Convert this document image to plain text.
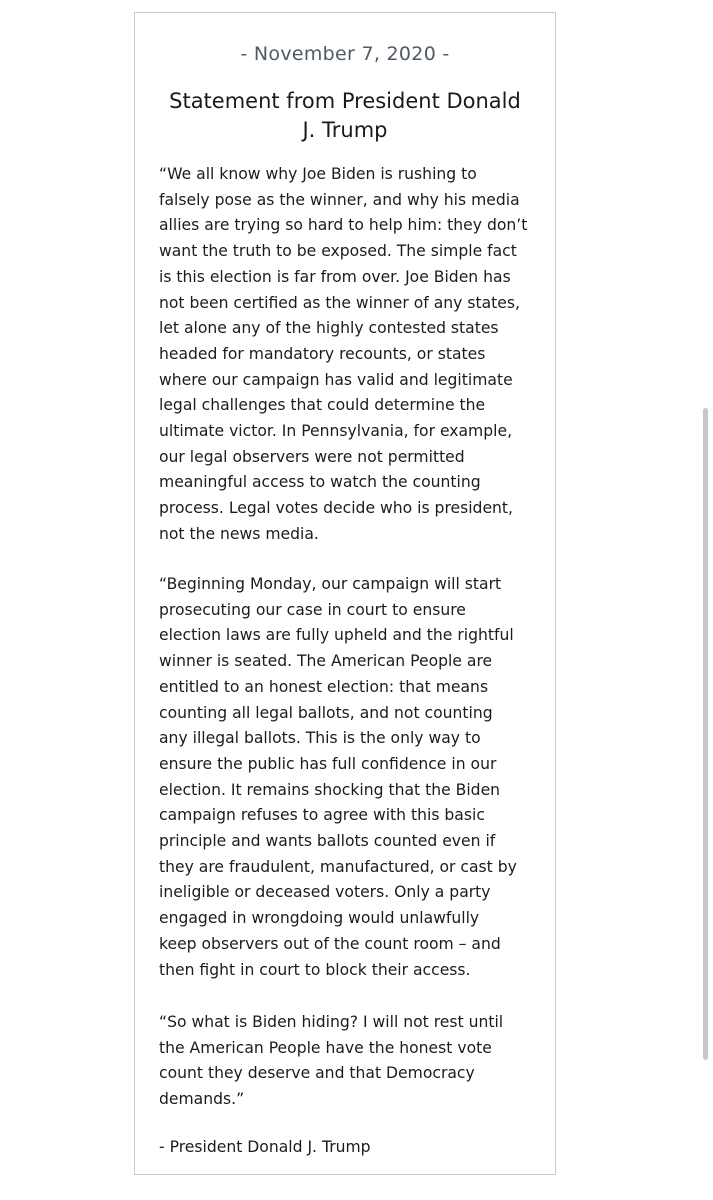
- November 7, 2020 -
Statement from President Donald
J. Trump

“We all know why Joe Biden is rushing to
falsely pose as the winner, and why his media
allies are trying so hard to help him: they don’t
want the truth to be exposed. The simple fact
is this election is far from over. Joe Biden has
not been certified as the winner of any states,
let alone any of the highly contested states
headed for mandatory recounts, or states
where our campaign has valid and legitimate
legal challenges that could determine the
ultimate victor. In Pennsylvania, for example,
our legal observers were not permitted
meaningful access to watch the counting
process. Legal votes decide who is president,
not the news media.

“Beginning Monday, our campaign will start
prosecuting our case in court to ensure
election laws are fully upheld and the rightful
winner is seated. The American People are
entitled to an honest election: that means
counting all legal ballots, and not counting
any illegal ballots. This is the only way to
ensure the public has full confidence in our
election. It remains shocking that the Biden
campaign refuses to agree with this basic
principle and wants ballots counted even if
they are fraudulent, manufactured, or cast by
ineligible or deceased voters. Only a party
engaged in wrongdoing would unlawfully
keep observers out of the count room – and
then fight in court to block their access.

“So what is Biden hiding? I will not rest until
the American People have the honest vote
count they deserve and that Democracy
demands.”

- President Donald J. Trump
